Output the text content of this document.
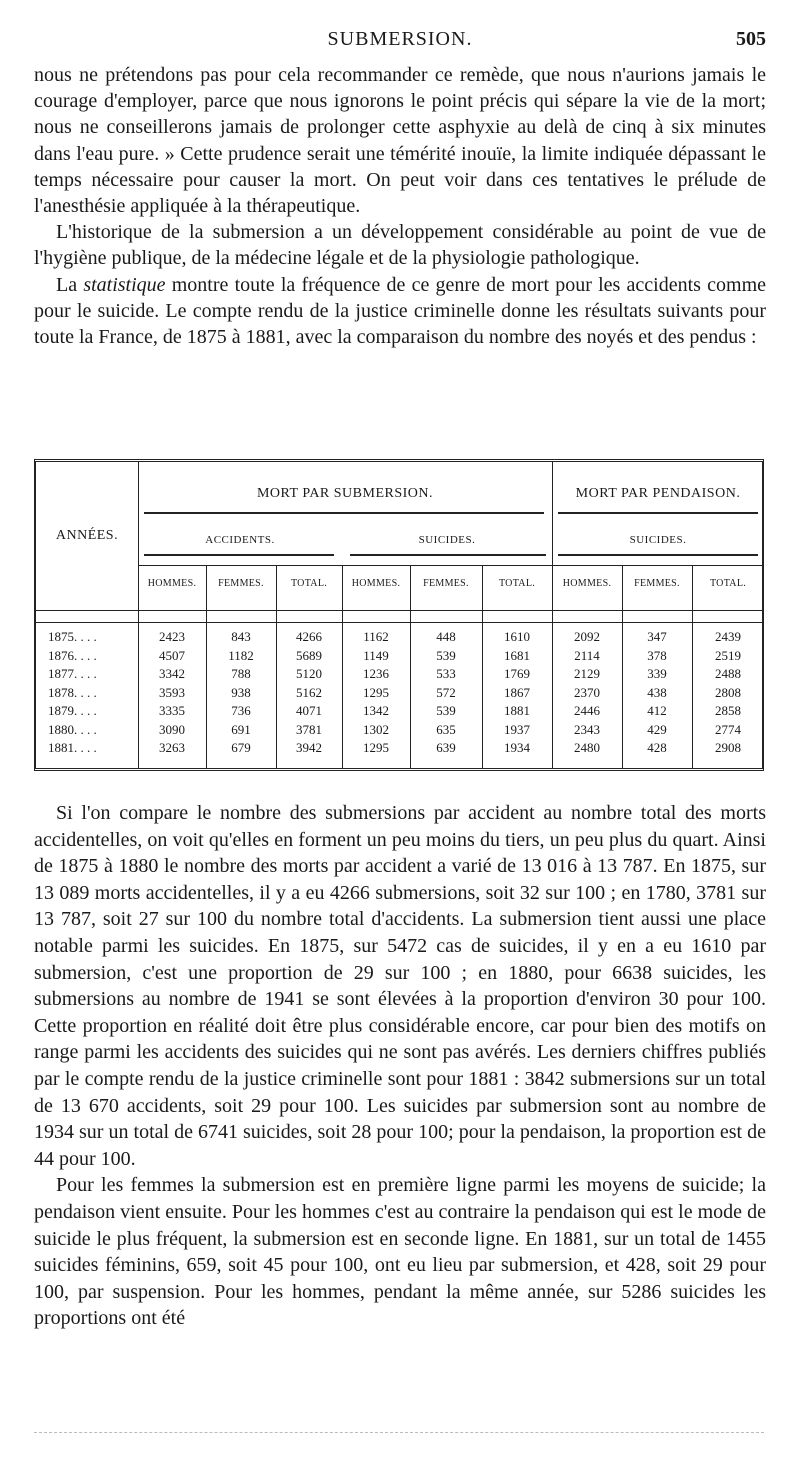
SUBMERSION.	505

nous ne prétendons pas pour cela recommander ce remède, que nous n'aurions jamais le courage d'employer, parce que nous ignorons le point précis qui sépare la vie de la mort; nous ne conseillerons jamais de prolonger cette asphyxie au delà de cinq à six minutes dans l'eau pure. » Cette prudence serait une témérité inouïe, la limite indiquée dépassant le temps nécessaire pour causer la mort. On peut voir dans ces tentatives le prélude de l'anesthésie appliquée à la thérapeutique.

L'historique de la submersion a un développement considérable au point de vue de l'hygiène publique, de la médecine légale et de la physiologie pathologique.

La statistique montre toute la fréquence de ce genre de mort pour les accidents comme pour le suicide. Le compte rendu de la justice criminelle donne les résultats suivants pour toute la France, de 1875 à 1881, avec la comparaison du nombre des noyés et des pendus :

ANNÉES.
MORT PAR SUBMERSION.	MORT PAR PENDAISON.
ACCIDENTS.	SUICIDES.	SUICIDES.
HOMMES.	FEMMES.	TOTAL.	HOMMES.	FEMMES.	TOTAL.	HOMMES.	FEMMES.	TOTAL.
1875. . . .	2423	843	4266	1162	448	1610	2092	347	2439
1876. . . .	4507	1182	5689	1149	539	1681	2114	378	2519
1877. . . .	3342	788	5120	1236	533	1769	2129	339	2488
1878. . . .	3593	938	5162	1295	572	1867	2370	438	2808
1879. . . .	3335	736	4071	1342	539	1881	2446	412	2858
1880. . . .	3090	691	3781	1302	635	1937	2343	429	2774
1881. . . .	3263	679	3942	1295	639	1934	2480	428	2908

Si l'on compare le nombre des submersions par accident au nombre total des morts accidentelles, on voit qu'elles en forment un peu moins du tiers, un peu plus du quart. Ainsi de 1875 à 1880 le nombre des morts par accident a varié de 13 016 à 13 787. En 1875, sur 13 089 morts accidentelles, il y a eu 4266 submersions, soit 32 sur 100 ; en 1780, 3781 sur 13 787, soit 27 sur 100 du nombre total d'accidents. La submersion tient aussi une place notable parmi les suicides. En 1875, sur 5472 cas de suicides, il y en a eu 1610 par submersion, c'est une proportion de 29 sur 100 ; en 1880, pour 6638 suicides, les submersions au nombre de 1941 se sont élevées à la proportion d'environ 30 pour 100. Cette proportion en réalité doit être plus considérable encore, car pour bien des motifs on range parmi les accidents des suicides qui ne sont pas avérés. Les derniers chiffres publiés par le compte rendu de la justice criminelle sont pour 1881 : 3842 submersions sur un total de 13 670 accidents, soit 29 pour 100. Les suicides par submersion sont au nombre de 1934 sur un total de 6741 suicides, soit 28 pour 100; pour la pendaison, la proportion est de 44 pour 100.

Pour les femmes la submersion est en première ligne parmi les moyens de suicide; la pendaison vient ensuite. Pour les hommes c'est au contraire la pendaison qui est le mode de suicide le plus fréquent, la submersion est en seconde ligne. En 1881, sur un total de 1455 suicides féminins, 659, soit 45 pour 100, ont eu lieu par submersion, et 428, soit 29 pour 100, par suspension. Pour les hommes, pendant la même année, sur 5286 suicides les proportions ont été
